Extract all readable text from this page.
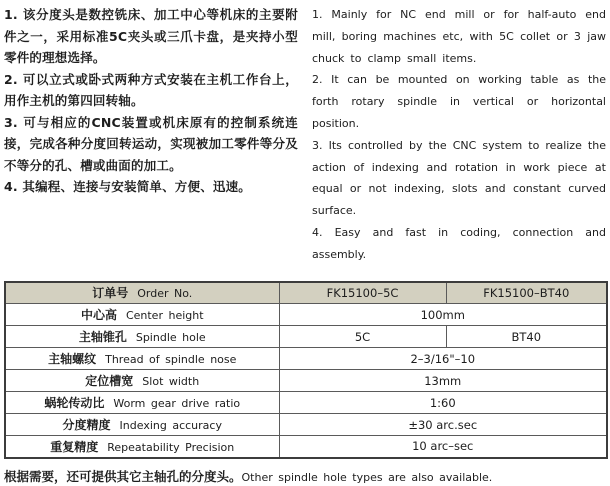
1. 该分度头是数控铣床、加工中心等机床的主要附件之一，采用标准5C夹头或三爪卡盘，是夹持小型零件的理想选择。

2. 可以立式或卧式两种方式安装在主机工作台上，用作主机的第四回转轴。

3. 可与相应的CNC装置或机床原有的控制系统连接，完成各种分度回转运动，实现被加工零件等分及不等分的孔、槽或曲面的加工。

4. 其编程、连接与安装简单、方便、迅速。

1. Mainly for NC end mill or for half-auto end mill, boring machines etc, with 5C collet or 3 jaw chuck to clamp small items.

2. It can be mounted on working table as the forth rotary spindle in vertical or horizontal position.

3. Its controlled by the CNC system to realize the action of indexing and rotation in work piece at equal or not indexing, slots and constant curved surface.

4. Easy and fast in coding, connection and assembly.

订单号 Order No.	FK15100–5C	FK15100–BT40
中心高 Center height	100mm	
主轴锥孔 Spindle hole	5C	BT40
主轴螺纹 Thread of spindle nose	2–3/16"–10	
定位槽宽 Slot width	13mm	
蜗轮传动比 Worm gear drive ratio	1:60	
分度精度 Indexing accuracy	±30 arc.sec	
重复精度 Repeatability Precision	10 arc–sec	

根据需要，还可提供其它主轴孔的分度头。Other spindle hole types are also available.
